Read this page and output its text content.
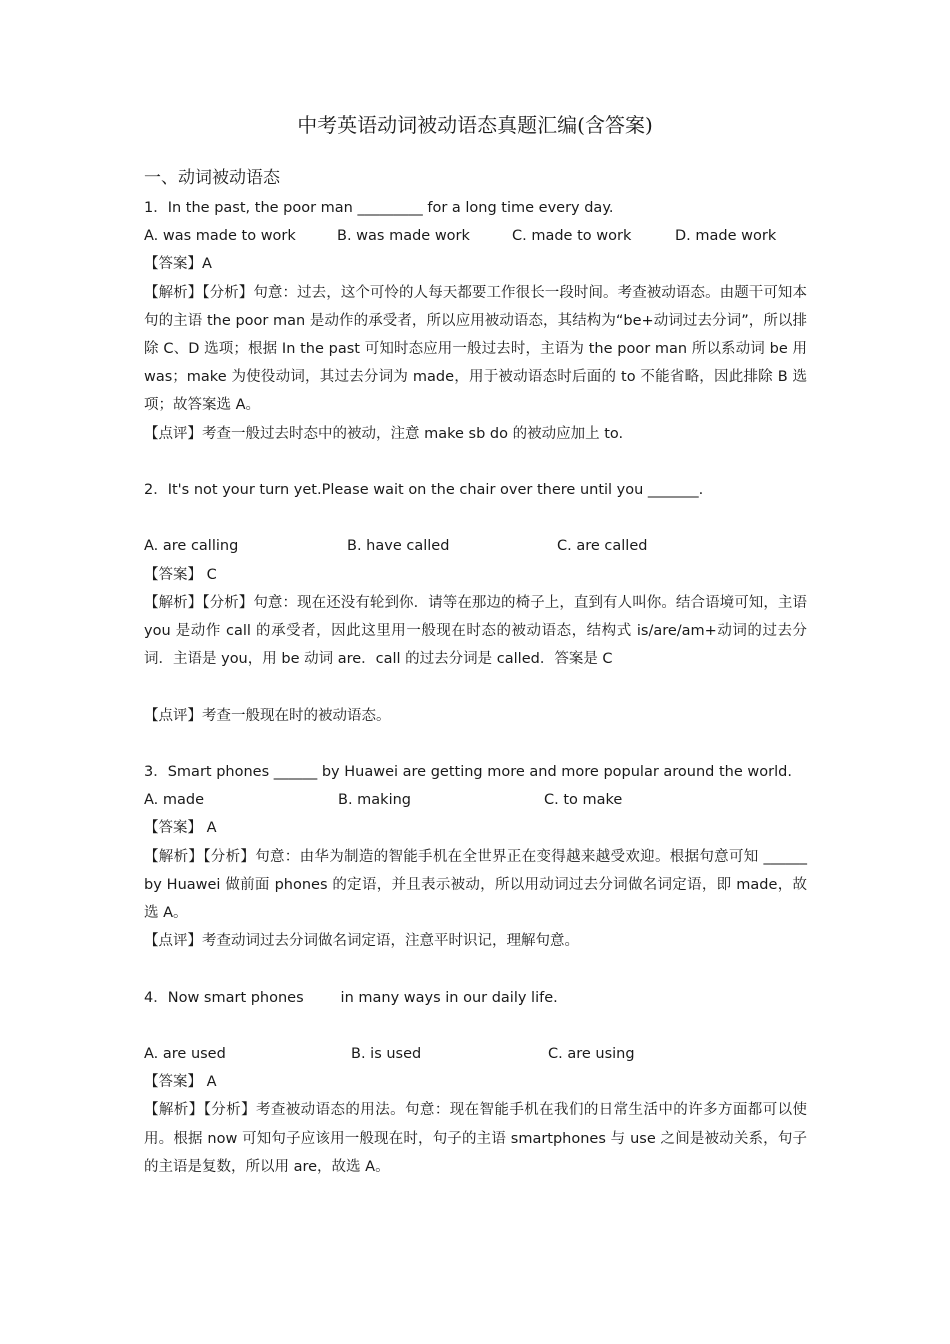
中考英语动词被动语态真题汇编(含答案)
一、动词被动语态
1．In the past, the poor man _________ for a long time every day.
A. was made to work	B. was made work	C. made to work	D. made work
【答案】A
【解析】【分析】句意：过去，这个可怜的人每天都要工作很长一段时间。考查被动语态。由题干可知本句的主语 the poor man 是动作的承受者，所以应用被动语态，其结构为“be+动词过去分词”，所以排除 C、D 选项；根据 In the past 可知时态应用一般过去时，主语为 the poor man 所以系动词 be 用 was；make 为使役动词，其过去分词为 made，用于被动语态时后面的 to 不能省略，因此排除 B 选项；故答案选 A。
【点评】考查一般过去时态中的被动，注意 make sb do 的被动应加上 to.
2．It's not your turn yet.Please wait on the chair over there until you _______.
A. are calling	B. have called	C. are called
【答案】 C
【解析】【分析】句意：现在还没有轮到你．请等在那边的椅子上，直到有人叫你。结合语境可知，主语 you 是动作 call 的承受者，因此这里用一般现在时态的被动语态，结构式 is/are/am+动词的过去分词．主语是 you，用 be 动词 are．call 的过去分词是 called．答案是 C
【点评】考查一般现在时的被动语态。
3．Smart phones ______ by Huawei are getting more and more popular around the world.
A. made	B. making	C. to make
【答案】 A
【解析】【分析】句意：由华为制造的智能手机在全世界正在变得越来越受欢迎。根据句意可知 ______ by Huawei 做前面 phones 的定语，并且表示被动，所以用动词过去分词做名词定语，即 made，故选 A。
【点评】考查动词过去分词做名词定语，注意平时识记，理解句意。
4．Now smart phones        in many ways in our daily life.
A. are used	B. is used	C. are using
【答案】 A
【解析】【分析】考查被动语态的用法。句意：现在智能手机在我们的日常生活中的许多方面都可以使用。根据 now 可知句子应该用一般现在时，句子的主语 smartphones 与 use 之间是被动关系，句子的主语是复数，所以用 are，故选 A。
